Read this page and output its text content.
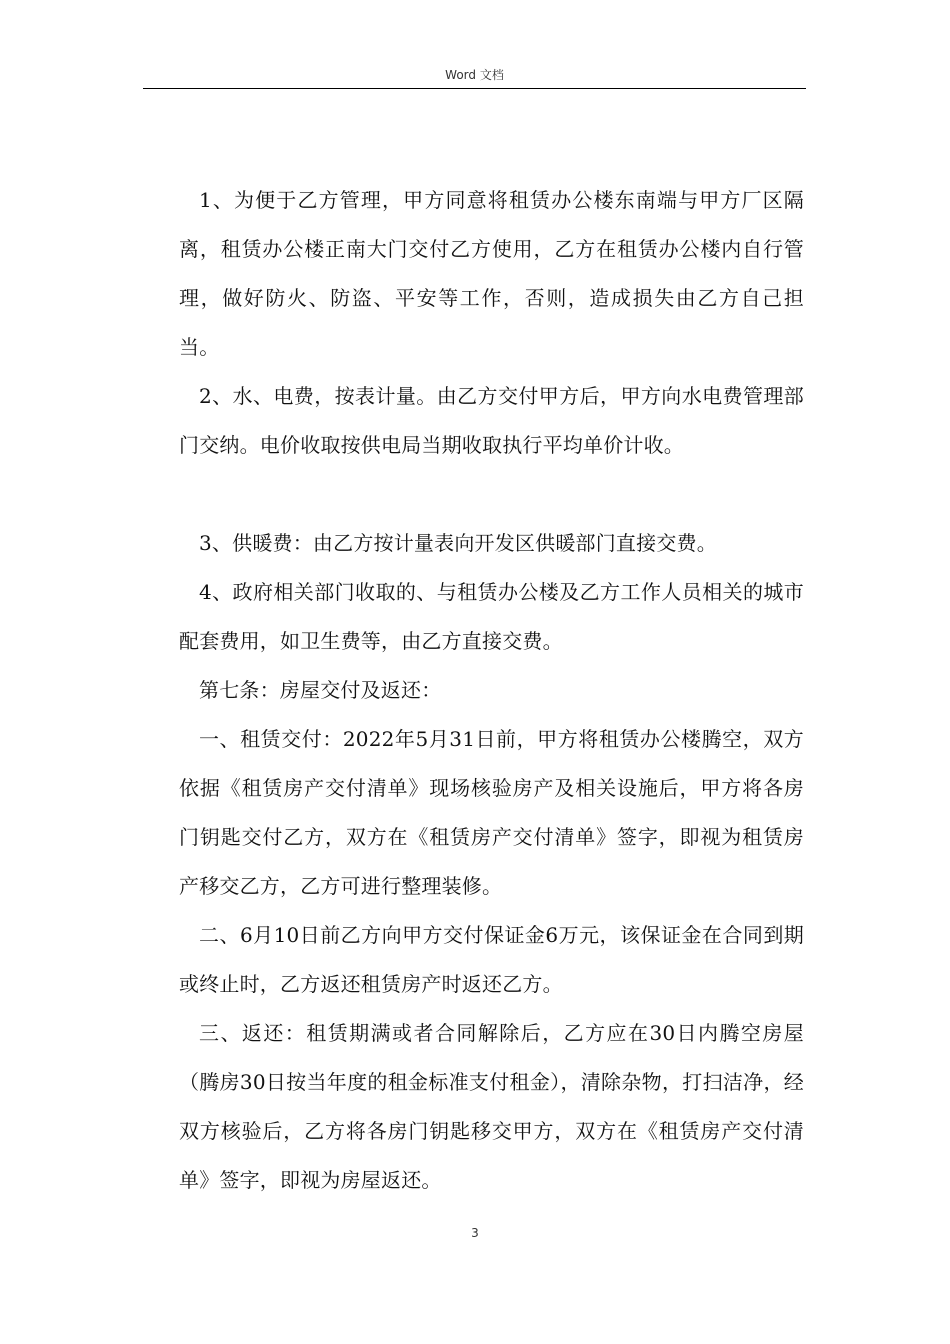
Word 文档

1、为便于乙方管理，甲方同意将租赁办公楼东南端与甲方厂区隔离，租赁办公楼正南大门交付乙方使用，乙方在租赁办公楼内自行管理，做好防火、防盗、平安等工作，否则，造成损失由乙方自己担当。

2、水、电费，按表计量。由乙方交付甲方后，甲方向水电费管理部门交纳。电价收取按供电局当期收取执行平均单价计收。

3、供暖费：由乙方按计量表向开发区供暖部门直接交费。

4、政府相关部门收取的、与租赁办公楼及乙方工作人员相关的城市配套费用，如卫生费等，由乙方直接交费。

第七条：房屋交付及返还：

一、租赁交付：2022年5月31日前，甲方将租赁办公楼腾空，双方依据《租赁房产交付清单》现场核验房产及相关设施后，甲方将各房门钥匙交付乙方，双方在《租赁房产交付清单》签字，即视为租赁房产移交乙方，乙方可进行整理装修。

二、6月10日前乙方向甲方交付保证金6万元，该保证金在合同到期或终止时，乙方返还租赁房产时返还乙方。

三、返还：租赁期满或者合同解除后，乙方应在30日内腾空房屋（腾房30日按当年度的租金标准支付租金），清除杂物，打扫洁净，经双方核验后，乙方将各房门钥匙移交甲方，双方在《租赁房产交付清单》签字，即视为房屋返还。

3
